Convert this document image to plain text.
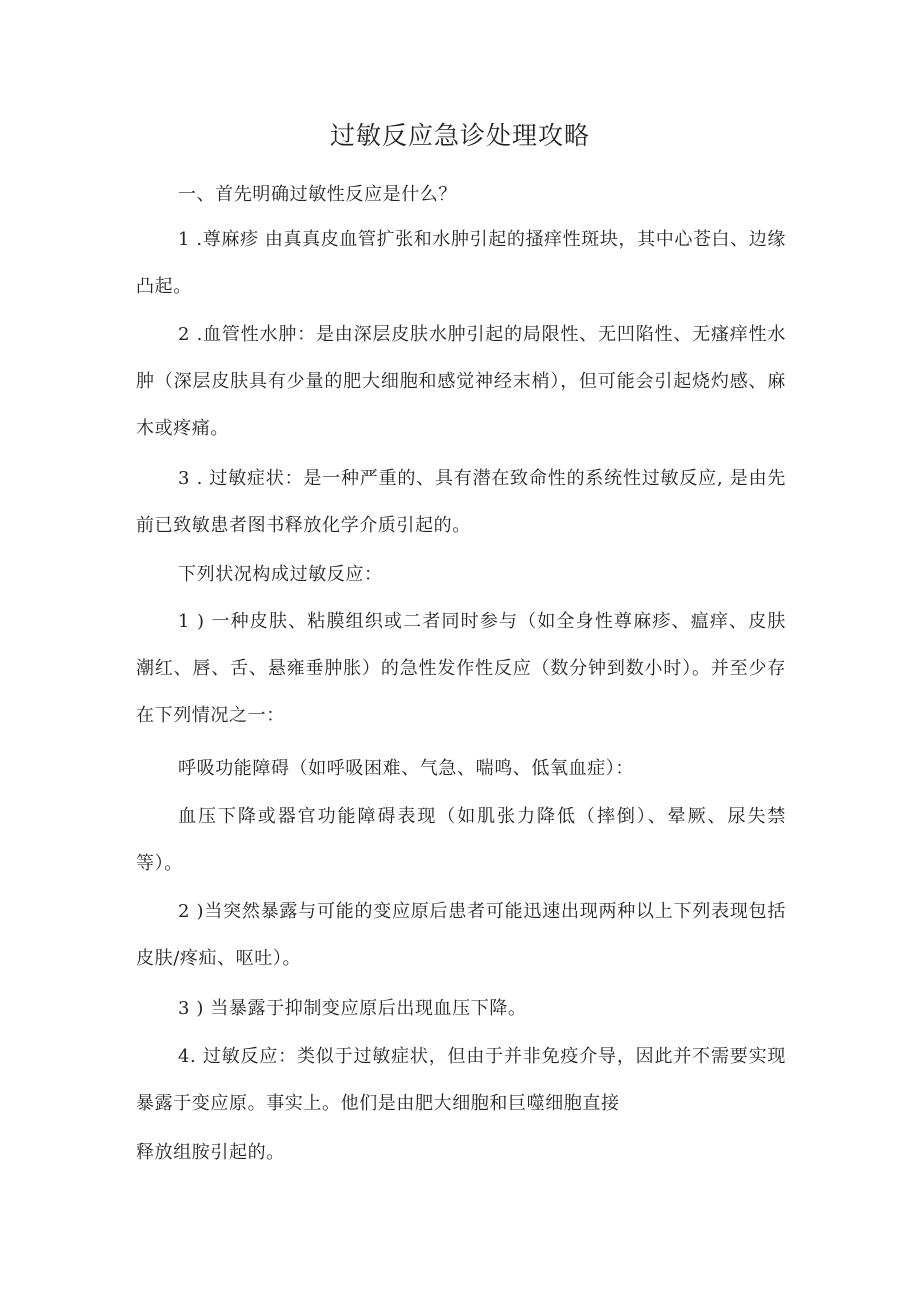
过敏反应急诊处理攻略

一、首先明确过敏性反应是什么？

1 .尊麻疹 由真真皮血管扩张和水肿引起的搔痒性斑块，其中心苍白、边缘凸起。

2 .血管性水肿：是由深层皮肤水肿引起的局限性、无凹陷性、无瘙痒性水肿（深层皮肤具有少量的肥大细胞和感觉神经末梢），但可能会引起烧灼感、麻木或疼痛。

3 . 过敏症状：是一种严重的、具有潜在致命性的系统性过敏反应, 是由先前已致敏患者图书释放化学介质引起的。

下列状况构成过敏反应：

1 ) 一种皮肤、粘膜组织或二者同时参与（如全身性尊麻疹、瘟痒、皮肤潮红、唇、舌、悬雍垂肿胀）的急性发作性反应（数分钟到数小时）。并至少存在下列情况之一：

呼吸功能障碍（如呼吸困难、气急、喘鸣、低氧血症）：

血压下降或器官功能障碍表现（如肌张力降低（摔倒）、晕厥、尿失禁等）。

2 )当突然暴露与可能的变应原后患者可能迅速出现两种以上下列表现包括皮肤/疼疝、呕吐）。

3 ) 当暴露于抑制变应原后出现血压下降。

4. 过敏反应：类似于过敏症状，但由于并非免疫介导，因此并不需要实现暴露于变应原。事实上。他们是由肥大细胞和巨噬细胞直接

释放组胺引起的。
